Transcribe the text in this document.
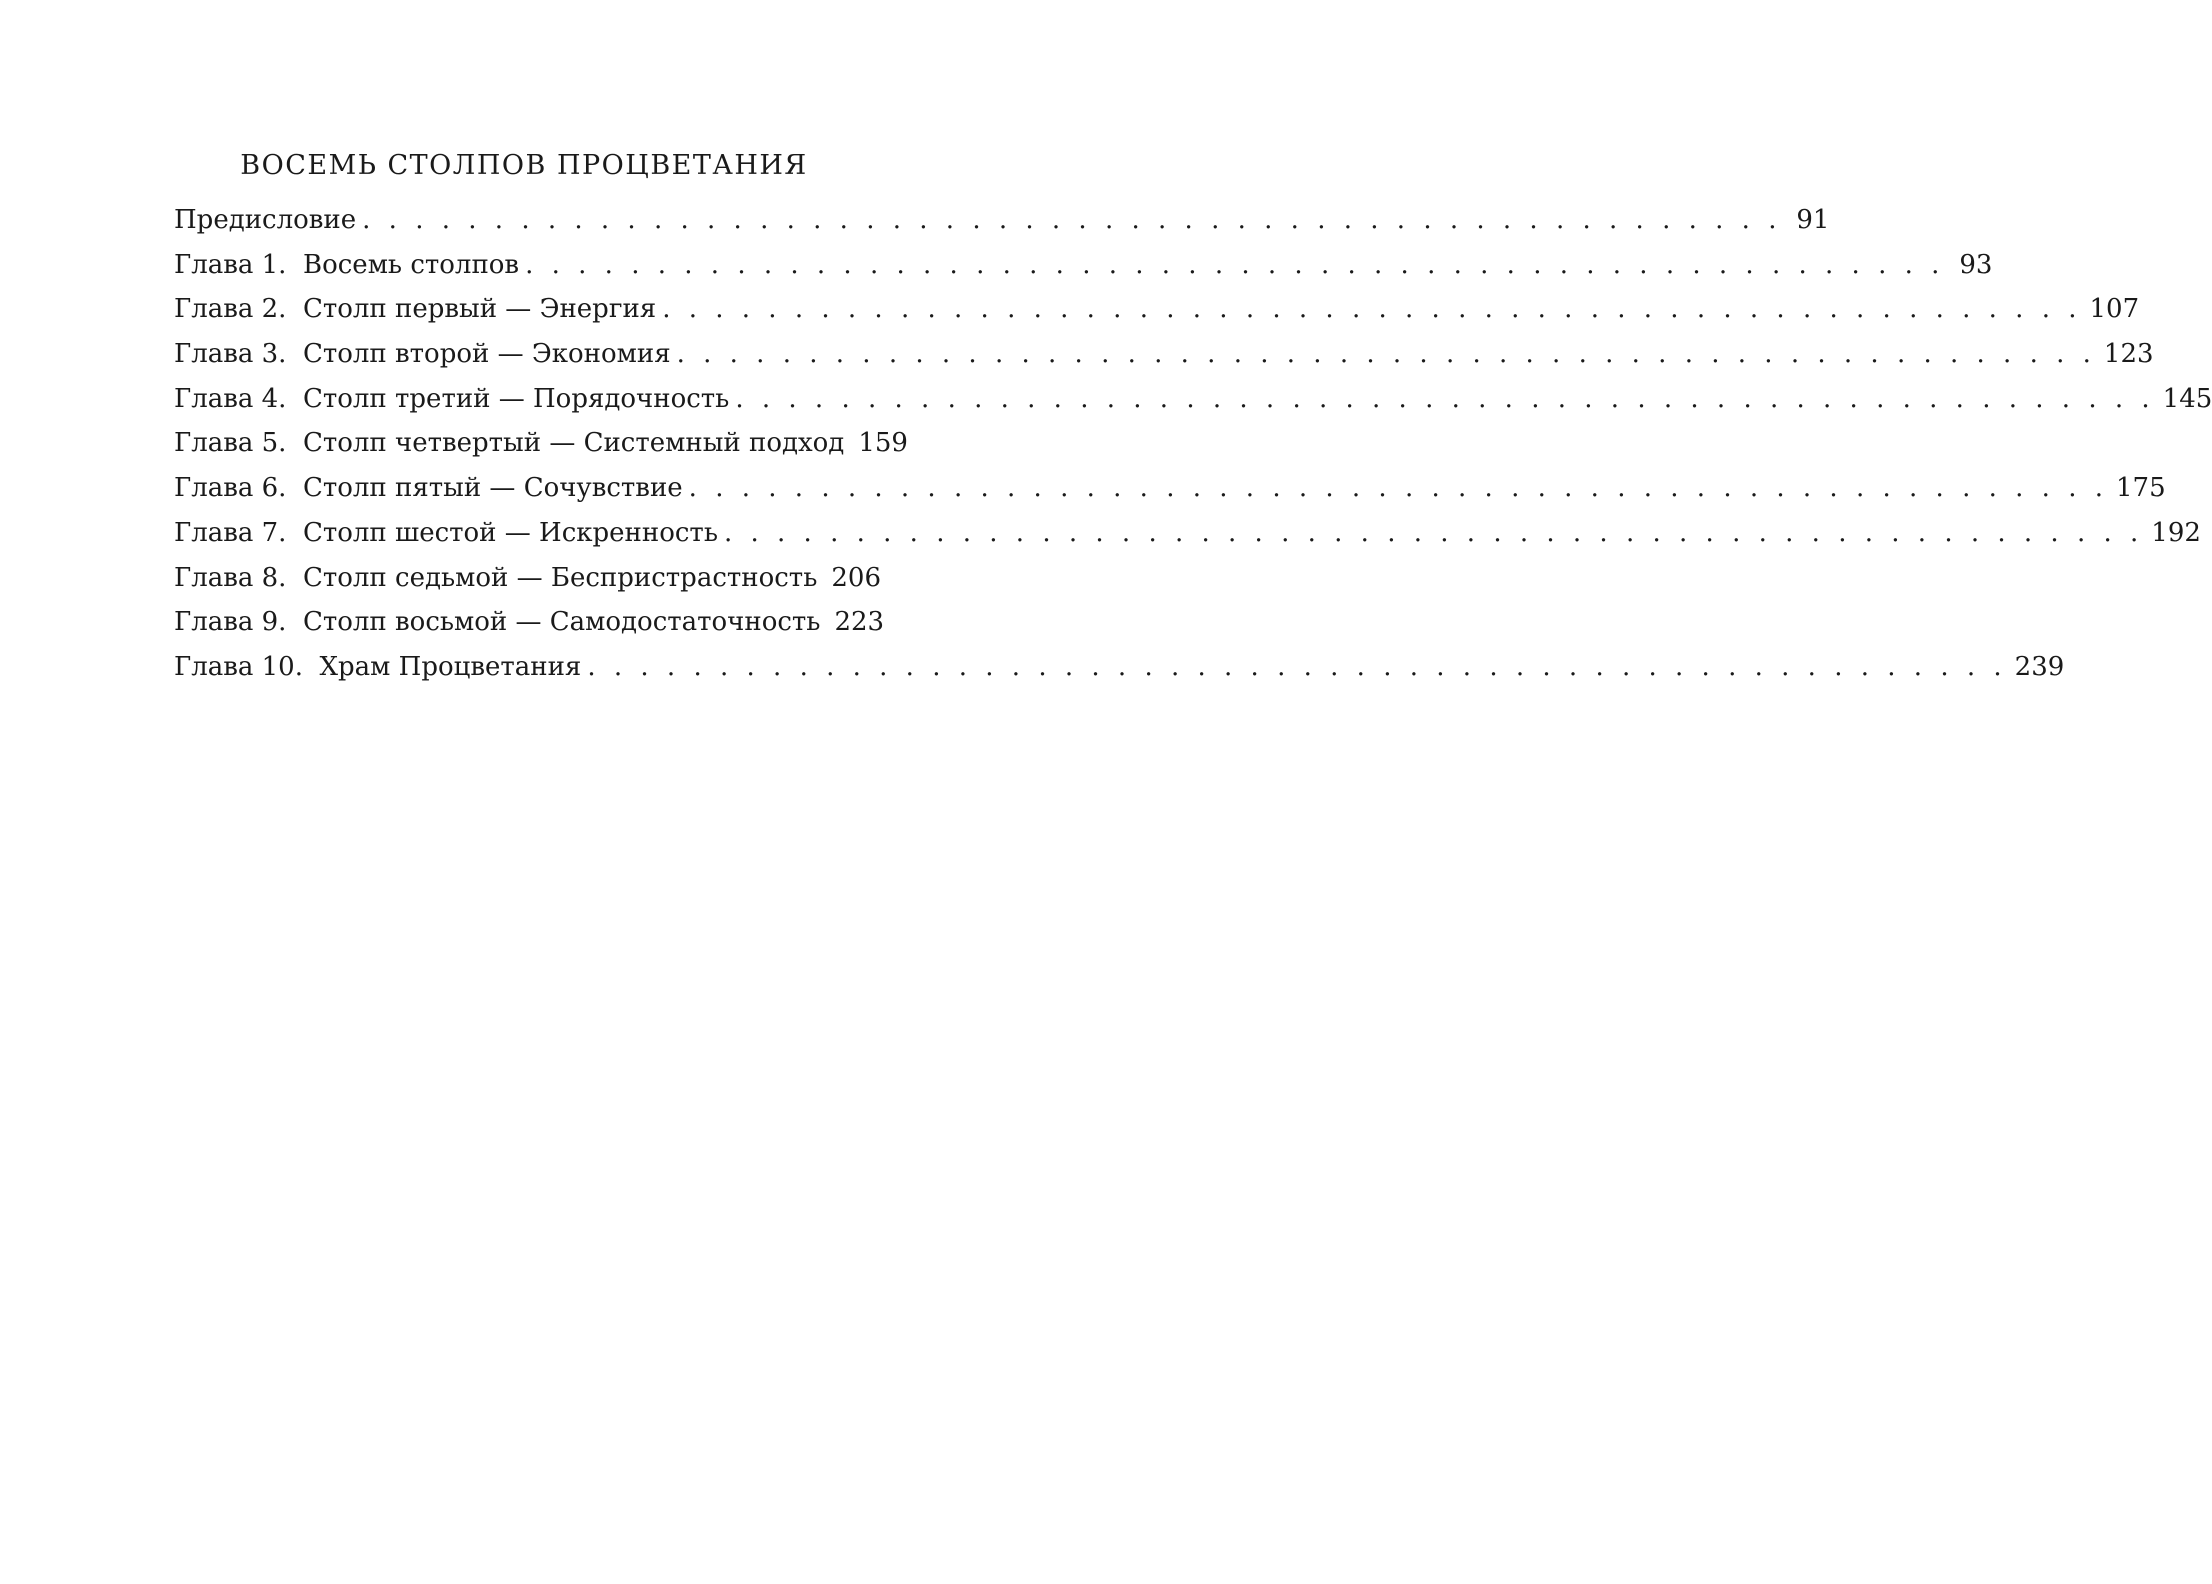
ВОСЕМЬ СТОЛПОВ ПРОЦВЕТАНИЯ
Предисловие . . . . . . . . . . . . . . . . . . . . . . . . . . . . . . . . . . . . . . . . . . . . . . . . . . . . . . 91
Глава 1. Восемь столпов . . . . . . . . . . . . . . . . . . . . . . . . . . . . . . . . . . . . . . . . . . . . . . . . . . . . . . 93
Глава 2. Столп первый — Энергия . . . . . . . . . . . . . . . . . . . . . . . . . . . . . . . . . . . . . . . . . . . . . . . . . . . . . . 107
Глава 3. Столп второй — Экономия . . . . . . . . . . . . . . . . . . . . . . . . . . . . . . . . . . . . . . . . . . . . . . . . . . . . . . 123
Глава 4. Столп третий — Порядочность . . . . . . . . . . . . . . . . . . . . . . . . . . . . . . . . . . . . . . . . . . . . . . . . . . . . . . 145
Глава 5. Столп четвертый — Системный подход 159
Глава 6. Столп пятый — Сочувствие . . . . . . . . . . . . . . . . . . . . . . . . . . . . . . . . . . . . . . . . . . . . . . . . . . . . . . 175
Глава 7. Столп шестой — Искренность . . . . . . . . . . . . . . . . . . . . . . . . . . . . . . . . . . . . . . . . . . . . . . . . . . . . . . 192
Глава 8. Столп седьмой — Беспристрастность 206
Глава 9. Столп восьмой — Самодостаточность 223
Глава 10. Храм Процветания . . . . . . . . . . . . . . . . . . . . . . . . . . . . . . . . . . . . . . . . . . . . . . . . . . . . . . 239
